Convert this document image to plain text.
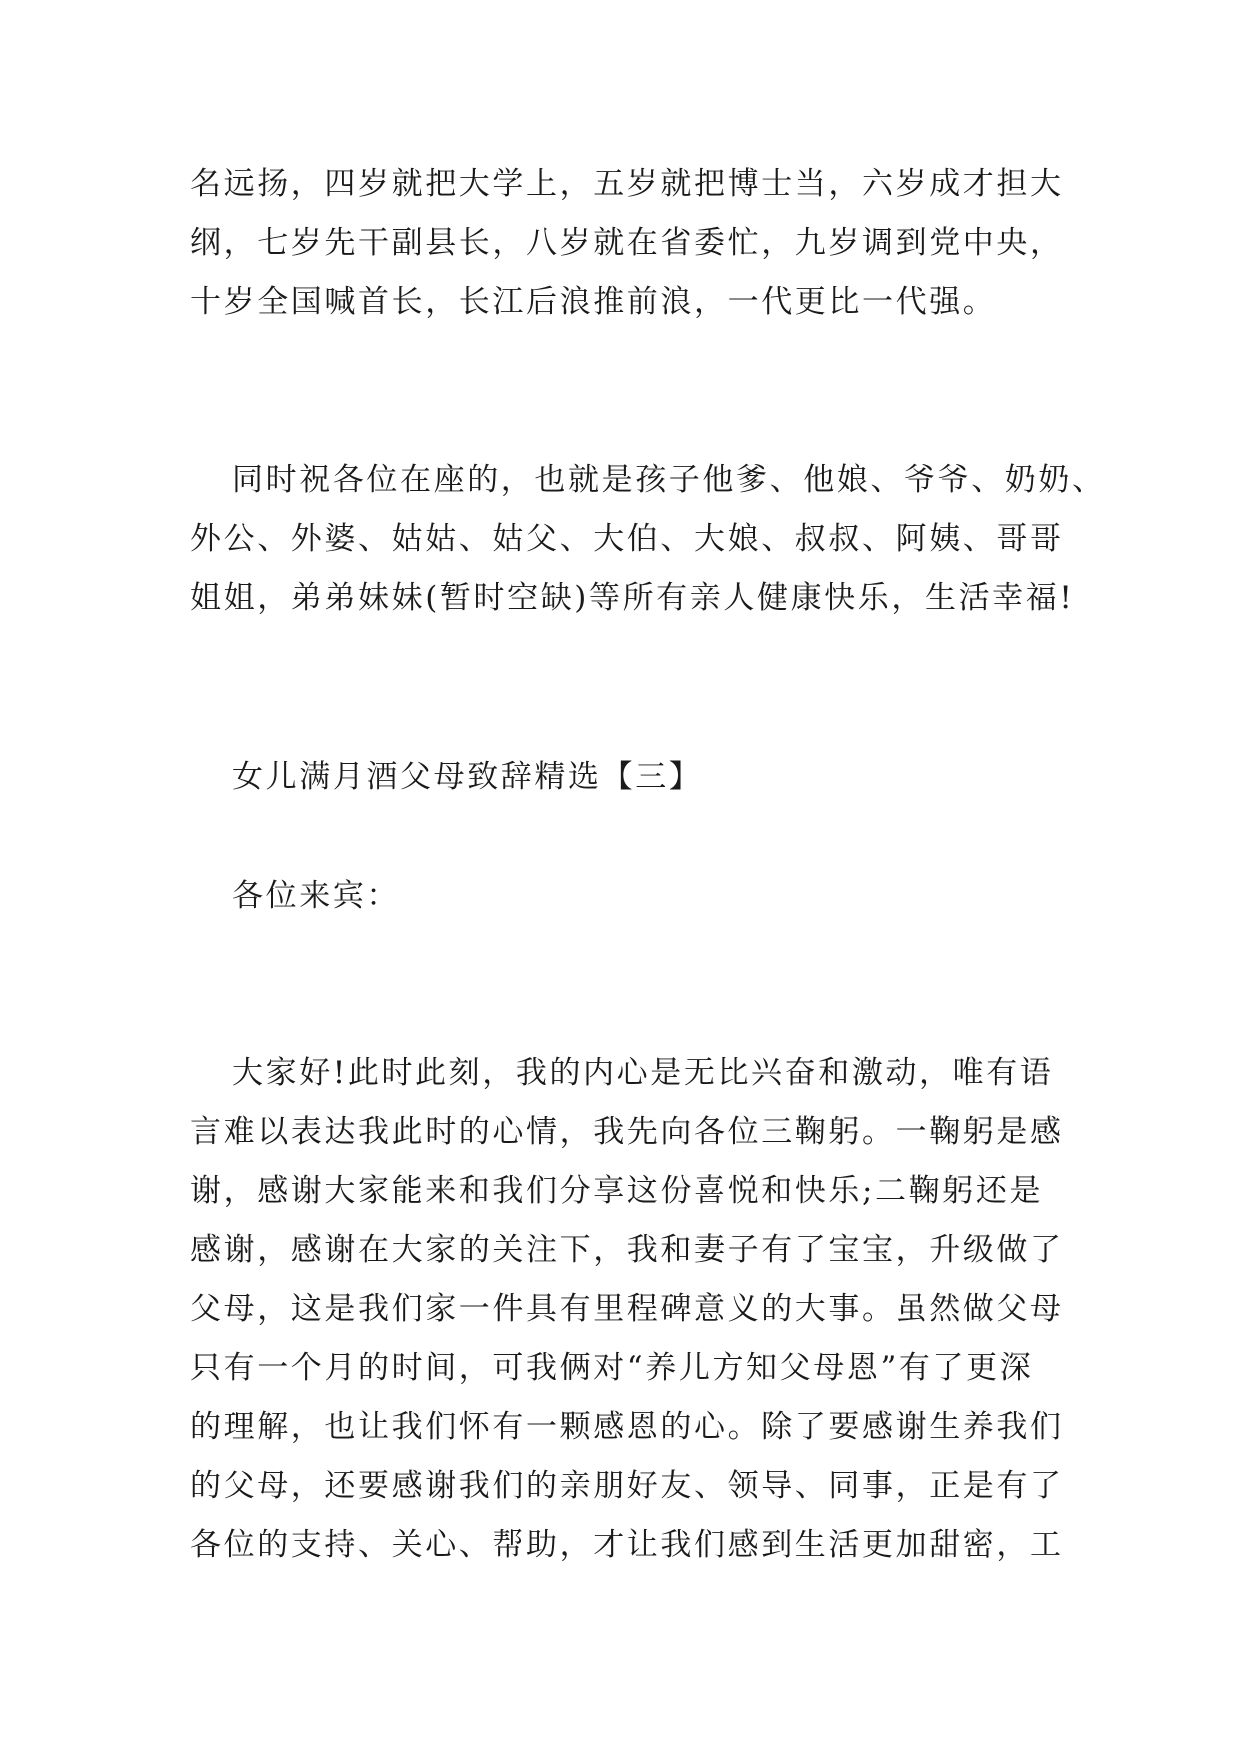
名远扬，四岁就把大学上，五岁就把博士当，六岁成才担大
纲，七岁先干副县长，八岁就在省委忙，九岁调到党中央，
十岁全国喊首长，长江后浪推前浪，一代更比一代强。
同时祝各位在座的，也就是孩子他爹、他娘、爷爷、奶奶、
外公、外婆、姑姑、姑父、大伯、大娘、叔叔、阿姨、哥哥
姐姐，弟弟妹妹(暂时空缺)等所有亲人健康快乐，生活幸福!
女儿满月酒父母致辞精选【三】
各位来宾：
大家好!此时此刻，我的内心是无比兴奋和激动，唯有语
言难以表达我此时的心情，我先向各位三鞠躬。一鞠躬是感
谢，感谢大家能来和我们分享这份喜悦和快乐;二鞠躬还是
感谢，感谢在大家的关注下，我和妻子有了宝宝，升级做了
父母，这是我们家一件具有里程碑意义的大事。虽然做父母
只有一个月的时间，可我俩对“养儿方知父母恩”有了更深
的理解，也让我们怀有一颗感恩的心。除了要感谢生养我们
的父母，还要感谢我们的亲朋好友、领导、同事，正是有了
各位的支持、关心、帮助，才让我们感到生活更加甜密，工
